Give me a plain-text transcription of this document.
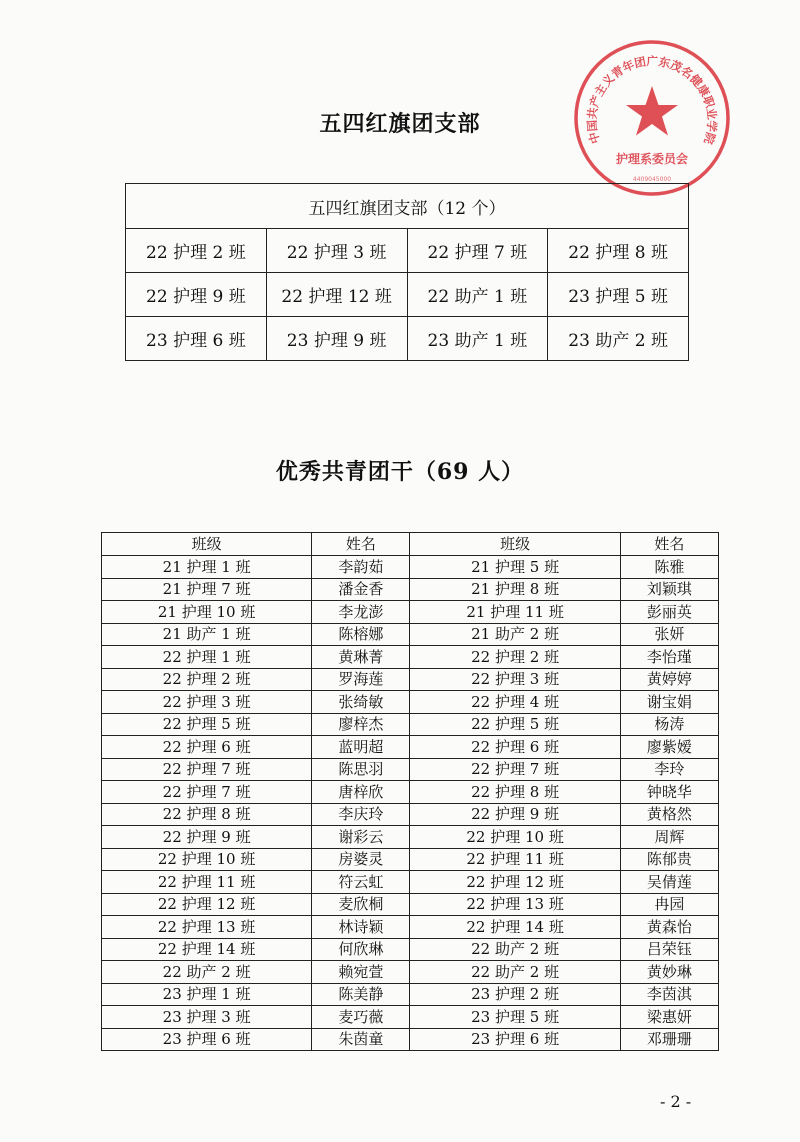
中国共产主义青年团广东茂名健康职业学院
护理系委员会
4409045000
五四红旗团支部
五四红旗团支部（12 个）			
22 护理 2 班	22 护理 3 班	22 护理 7 班	22 护理 8 班
22 护理 9 班	22 护理 12 班	22 助产 1 班	23 护理 5 班
23 护理 6 班	23 护理 9 班	23 助产 1 班	23 助产 2 班
优秀共青团干（69 人）
班级	姓名	班级	姓名
21 护理 1 班	李韵茹	21 护理 5 班	陈雅
21 护理 7 班	潘金香	21 护理 8 班	刘颖琪
21 护理 10 班	李龙澎	21 护理 11 班	彭丽英
21 助产 1 班	陈榕娜	21 助产 2 班	张妍
22 护理 1 班	黄琳菁	22 护理 2 班	李怡瑾
22 护理 2 班	罗海莲	22 护理 3 班	黄婷婷
22 护理 3 班	张绮敏	22 护理 4 班	谢宝娟
22 护理 5 班	廖梓杰	22 护理 5 班	杨涛
22 护理 6 班	蓝明超	22 护理 6 班	廖紫嫒
22 护理 7 班	陈思羽	22 护理 7 班	李玲
22 护理 7 班	唐梓欣	22 护理 8 班	钟晓华
22 护理 8 班	李庆玲	22 护理 9 班	黄格然
22 护理 9 班	谢彩云	22 护理 10 班	周辉
22 护理 10 班	房婆灵	22 护理 11 班	陈郁贵
22 护理 11 班	符云虹	22 护理 12 班	吴倩莲
22 护理 12 班	麦欣桐	22 护理 13 班	冉园
22 护理 13 班	林诗颖	22 护理 14 班	黄森怡
22 护理 14 班	何欣琳	22 助产 2 班	吕荣钰
22 助产 2 班	赖宛萱	22 助产 2 班	黄妙琳
23 护理 1 班	陈美静	23 护理 2 班	李茵淇
23 护理 3 班	麦巧薇	23 护理 5 班	梁惠妍
23 护理 6 班	朱茵童	23 护理 6 班	邓珊珊
- 2 -
